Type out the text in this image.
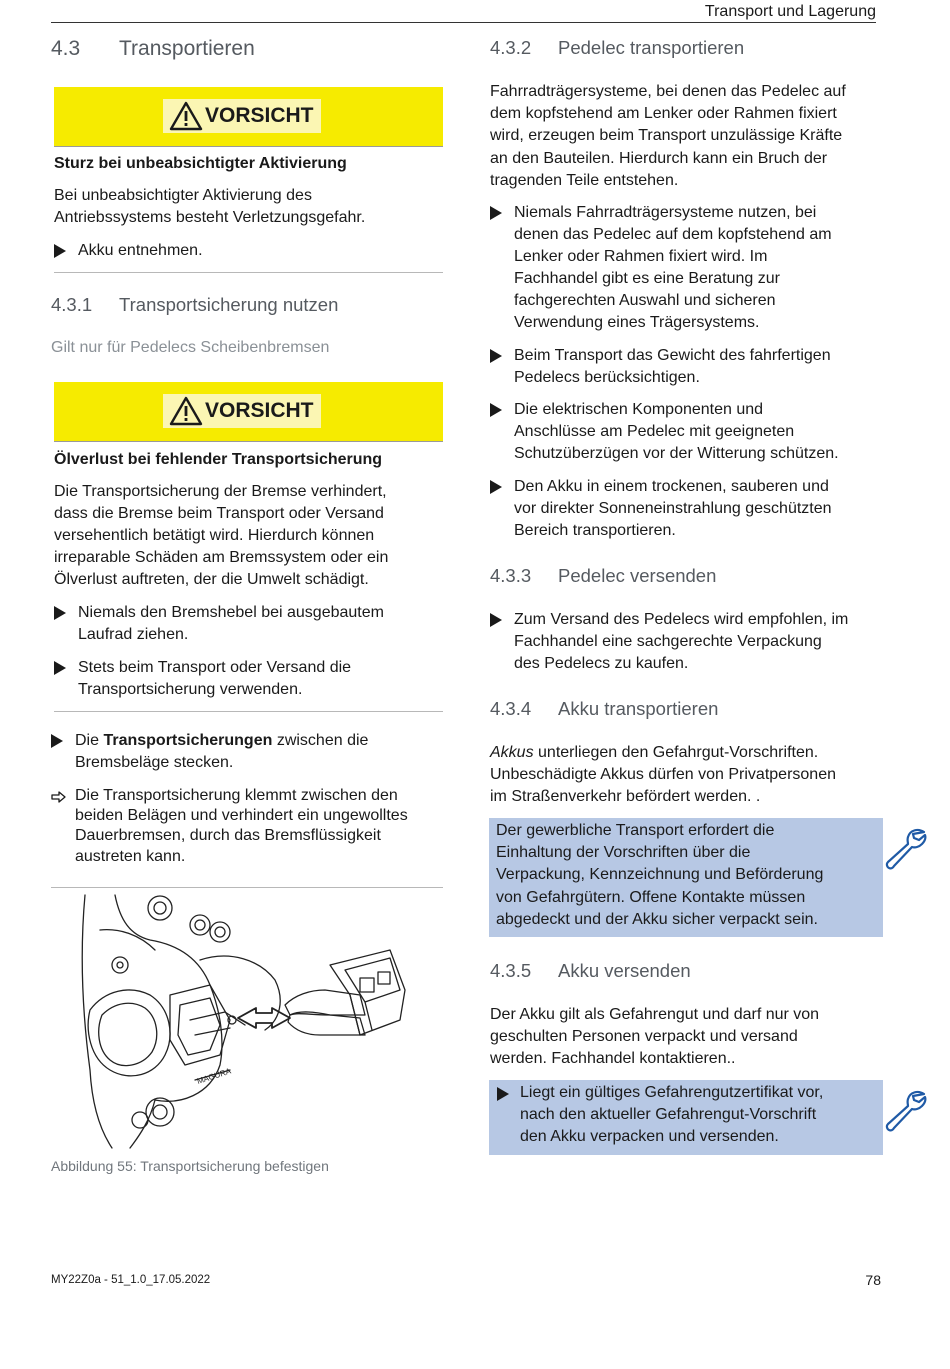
Transport und Lagerung
4.3 Transportieren
VORSICHT
Sturz bei unbeabsichtigter Aktivierung
Bei unbeabsichtigter Aktivierung des
Antriebssystems besteht Verletzungsgefahr.
Akku entnehmen.
4.3.1 Transportsicherung nutzen
Gilt nur für Pedelecs Scheibenbremsen
VORSICHT
Ölverlust bei fehlender Transportsicherung
Die Transportsicherung der Bremse verhindert,
dass die Bremse beim Transport oder Versand
versehentlich betätigt wird. Hierdurch können
irreparable Schäden am Bremssystem oder ein
Ölverlust auftreten, der die Umwelt schädigt.
Niemals den Bremshebel bei ausgebautem
Laufrad ziehen.
Stets beim Transport oder Versand die
Transportsicherung verwenden.
Die Transportsicherungen zwischen die
Bremsbeläge stecken.
Die Transportsicherung klemmt zwischen den
beiden Belägen und verhindert ein ungewolltes
Dauerbremsen, durch das Bremsflüssigkeit
austreten kann.
MAGURA
Abbildung 55: Transportsicherung befestigen
4.3.2 Pedelec transportieren
Fahrradträgersysteme, bei denen das Pedelec auf
dem kopfstehend am Lenker oder Rahmen fixiert
wird, erzeugen beim Transport unzulässige Kräfte
an den Bauteilen. Hierdurch kann ein Bruch der
tragenden Teile entstehen.
Niemals Fahrradträgersysteme nutzen, bei
denen das Pedelec auf dem kopfstehend am
Lenker oder Rahmen fixiert wird. Im
Fachhandel gibt es eine Beratung zur
fachgerechten Auswahl und sicheren
Verwendung eines Trägersystems.
Beim Transport das Gewicht des fahrfertigen
Pedelecs berücksichtigen.
Die elektrischen Komponenten und
Anschlüsse am Pedelec mit geeigneten
Schutzüberzügen vor der Witterung schützen.
Den Akku in einem trockenen, sauberen und
vor direkter Sonneneinstrahlung geschützten
Bereich transportieren.
4.3.3 Pedelec versenden
Zum Versand des Pedelecs wird empfohlen, im
Fachhandel eine sachgerechte Verpackung
des Pedelecs zu kaufen.
4.3.4 Akku transportieren
Akkus unterliegen den Gefahrgut-Vorschriften.
Unbeschädigte Akkus dürfen von Privatpersonen
im Straßenverkehr befördert werden. .
Der gewerbliche Transport erfordert die
Einhaltung der Vorschriften über die
Verpackung, Kennzeichnung und Beförderung
von Gefahrgütern. Offene Kontakte müssen
abgedeckt und der Akku sicher verpackt sein.
4.3.5 Akku versenden
Der Akku gilt als Gefahrengut und darf nur von
geschulten Personen verpackt und versand
werden. Fachhandel kontaktieren..
Liegt ein gültiges Gefahrengutzertifikat vor,
nach den aktueller Gefahrengut-Vorschrift
den Akku verpacken und versenden.
MY22Z0a - 51_1.0_17.05.2022	78
